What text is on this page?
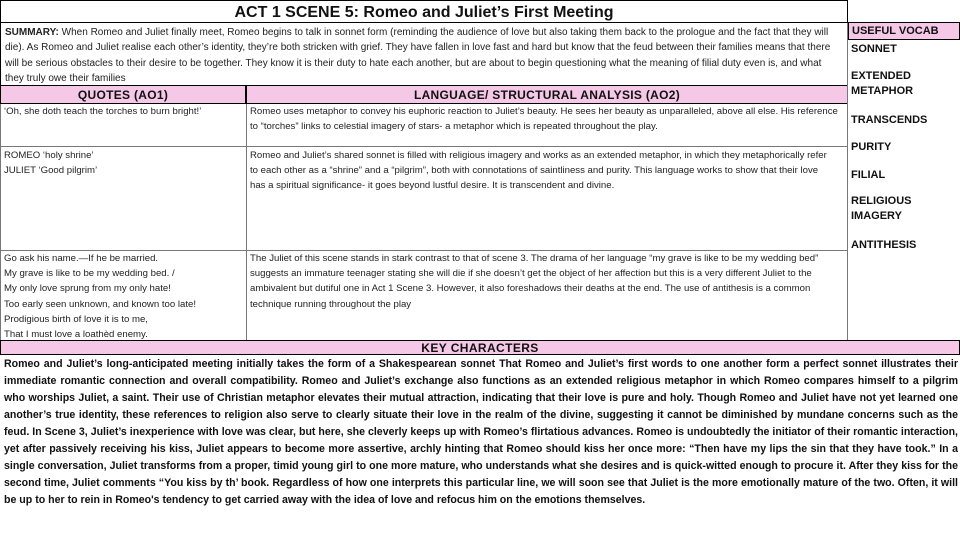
ACT 1 SCENE 5: Romeo and Juliet’s First Meeting
SUMMARY: When Romeo and Juliet finally meet, Romeo begins to talk in sonnet form (reminding the audience of love but also taking them back to the prologue and the fact that they will die). As Romeo and Juliet realise each other’s identity, they’re both stricken with grief. They have fallen in love fast and hard but know that the feud between their families means that there will be serious obstacles to their desire to be together. They know it is their duty to hate each another, but are about to begin questioning what the meaning of filial duty even is, and what they truly owe their families
QUOTES (AO1)	LANGUAGE/ STRUCTURAL ANALYSIS (AO2)
‘Oh, she doth teach the torches to burn bright!’	Romeo uses metaphor to convey his euphoric reaction to Juliet’s beauty. He sees her beauty as unparalleled, above all else. His reference to “torches” links to celestial imagery of stars- a metaphor which is repeated throughout the play.
ROMEO ‘holy shrine’
JULIET ‘Good pilgrim’
Romeo and Juliet’s shared sonnet is filled with religious imagery and works as an extended metaphor, in which they metaphorically refer to each other as a “shrine” and a “pilgrim”, both with connotations of saintliness and purity. This language works to show that their love has a spiritual significance- it goes beyond lustful desire. It is transcendent and divine.
Go ask his name.—If he be married.
My grave is like to be my wedding bed. /
My only love sprung from my only hate!
Too early seen unknown, and known too late!
Prodigious birth of love it is to me,
That I must love a loathèd enemy.
The Juliet of this scene stands in stark contrast to that of scene 3. The drama of her language “my grave is like to be my wedding bed” suggests an immature teenager stating she will die if she doesn’t get the object of her affection but this is a very different Juliet to the ambivalent but dutiful one in Act 1 Scene 3. However, it also foreshadows their deaths at the end. The use of antithesis is a common technique running throughout the play
USEFUL VOCAB
SONNET
EXTENDED METAPHOR
TRANSCENDS
PURITY
FILIAL
RELIGIOUS IMAGERY
ANTITHESIS
KEY CHARACTERS
Romeo and Juliet’s long-anticipated meeting initially takes the form of a Shakespearean sonnet That Romeo and Juliet’s first words to one another form a perfect sonnet illustrates their immediate romantic connection and overall compatibility. Romeo and Juliet’s exchange also functions as an extended religious metaphor in which Romeo compares himself to a pilgrim who worships Juliet, a saint. Their use of Christian metaphor elevates their mutual attraction, indicating that their love is pure and holy. Though Romeo and Juliet have not yet learned one another’s true identity, these references to religion also serve to clearly situate their love in the realm of the divine, suggesting it cannot be diminished by mundane concerns such as the feud. In Scene 3, Juliet’s inexperience with love was clear, but here, she cleverly keeps up with Romeo’s flirtatious advances. Romeo is undoubtedly the initiator of their romantic interaction, yet after passively receiving his kiss, Juliet appears to become more assertive, archly hinting that Romeo should kiss her once more: “Then have my lips the sin that they have took.” In a single conversation, Juliet transforms from a proper, timid young girl to one more mature, who understands what she desires and is quick-witted enough to procure it. After they kiss for the second time, Juliet comments “You kiss by th’ book. Regardless of how one interprets this particular line, we will soon see that Juliet is the more emotionally mature of the two. Often, it will be up to her to rein in Romeo's tendency to get carried away with the idea of love and refocus him on the emotions themselves.
